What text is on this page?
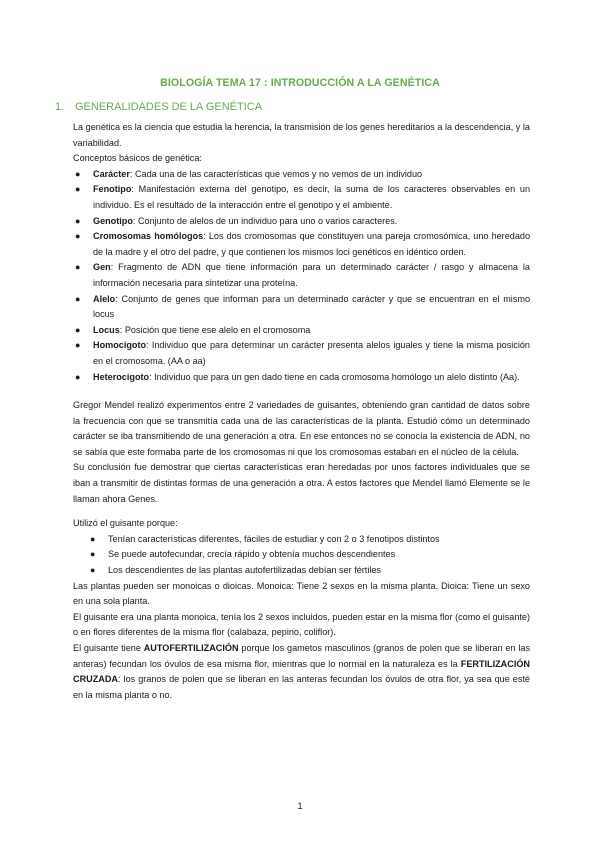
BIOLOGÍA TEMA 17 : INTRODUCCIÓN A LA GENÉTICA
1. GENERALIDADES DE LA GENÉTICA

La genética es la ciencia que estudia la herencia, la transmisión de los genes hereditarios a la descendencia, y la variabilidad.

Conceptos básicos de genética:

● Carácter: Cada una de las características que vemos y no vemos de un individuo
● Fenotipo: Manifestación externa del genotipo, es decir, la suma de los caracteres observables en un individuo. Es el resultado de la interacción entre el genotipo y el ambiente.
● Genotipo: Conjunto de alelos de un individuo para uno o varios caracteres.
● Cromosomas homólogos: Los dos cromosomas que constituyen una pareja cromosómica, uno heredado de la madre y el otro del padre, y que contienen los mismos loci genéticos en idéntico orden.
● Gen: Fragmento de ADN que tiene información para un determinado carácter / rasgo y almacena la información necesaria para sintetizar una proteína.
● Alelo: Conjunto de genes que informan para un determinado carácter y que se encuentran en el mismo locus
● Locus: Posición que tiene ese alelo en el cromosoma
● Homocigoto: Individuo que para determinar un carácter presenta alelos iguales y tiene la misma posición en el cromosoma. (AA o aa)
● Heterocigoto: Individuo que para un gen dado tiene en cada cromosoma homólogo un alelo distinto (Aa).

Gregor Mendel realizó experimentos entre 2 variedades de guisantes, obteniendo gran cantidad de datos sobre la frecuencia con que se transmitía cada una de las características de la planta. Estudió cómo un determinado carácter se iba transmitiendo de una generación a otra. En ese entonces no se conocía la existencia de ADN, no se sabía que este formaba parte de los cromosomas ni que los cromosomas estaban en el núcleo de la célula.

Su conclusión fue demostrar que ciertas características eran heredadas por unos factores individuales que se iban a transmitir de distintas formas de una generación a otra. A estos factores que Mendel llamó Elemente se le llaman ahora Genes.

Utilizó el guisante porque:

● Tenían características diferentes, fáciles de estudiar y con 2 o 3 fenotipos distintos
● Se puede autofecundar, crecía rápido y obtenía muchos descendientes
● Los descendientes de las plantas autofertilizadas debían ser fértiles

Las plantas pueden ser monoicas o dioicas. Monoica: Tiene 2 sexos en la misma planta. Dioica: Tiene un sexo en una sola planta.

El guisante era una planta monoica, tenía los 2 sexos incluidos, pueden estar en la misma flor (como el guisante) o en flores diferentes de la misma flor (calabaza, pepino, coliflor).

El guisante tiene AUTOFERTILIZACIÓN porque los gametos masculinos (granos de polen que se liberan en las anteras) fecundan los óvulos de esa misma flor, mientras que lo normal en la naturaleza es la FERTILIZACIÓN CRUZADA: los granos de polen que se liberan en las anteras fecundan los óvulos de otra flor, ya sea que esté en la misma planta o no.

1
